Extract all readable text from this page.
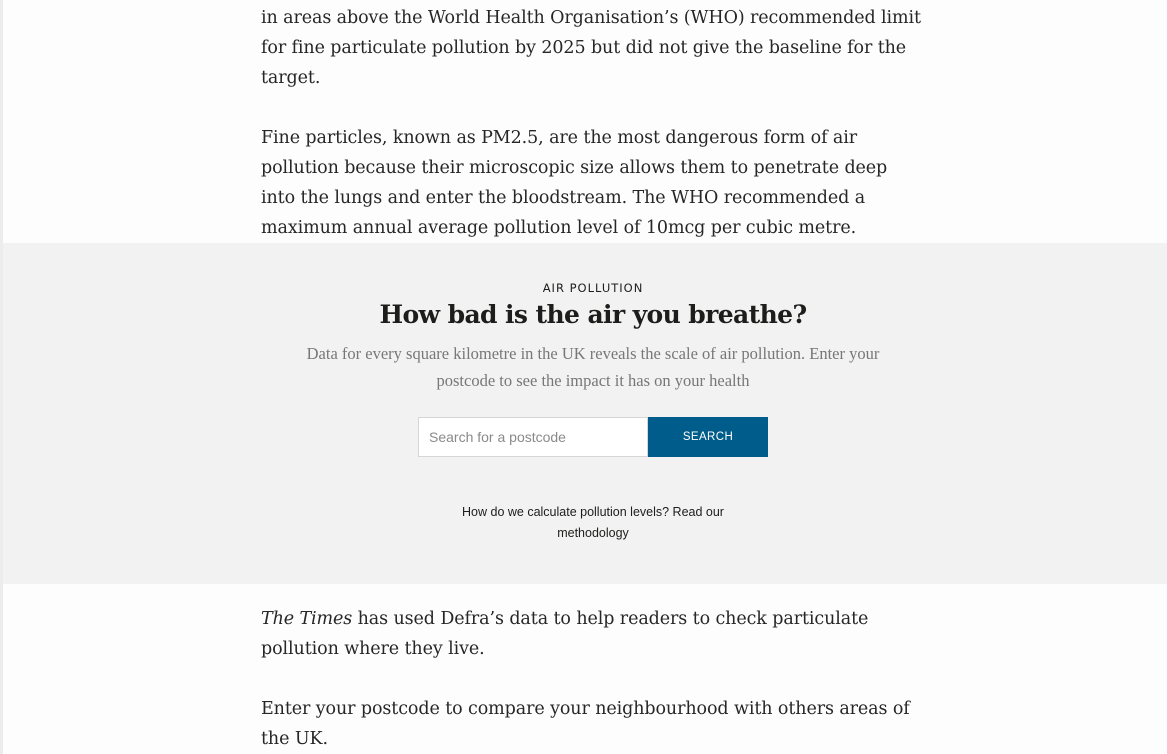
in areas above the World Health Organisation’s (WHO) recommended limit for fine particulate pollution by 2025 but did not give the baseline for the target.

Fine particles, known as PM2.5, are the most dangerous form of air pollution because their microscopic size allows them to penetrate deep into the lungs and enter the bloodstream. The WHO recommended a maximum annual average pollution level of 10mcg per cubic metre.

AIR POLLUTION
How bad is the air you breathe?
Data for every square kilometre in the UK reveals the scale of air pollution. Enter your postcode to see the impact it has on your health
Search for a postcode
SEARCH
How do we calculate pollution levels? Read our
methodology

The Times has used Defra’s data to help readers to check particulate pollution where they live.

Enter your postcode to compare your neighbourhood with others areas of the UK.
